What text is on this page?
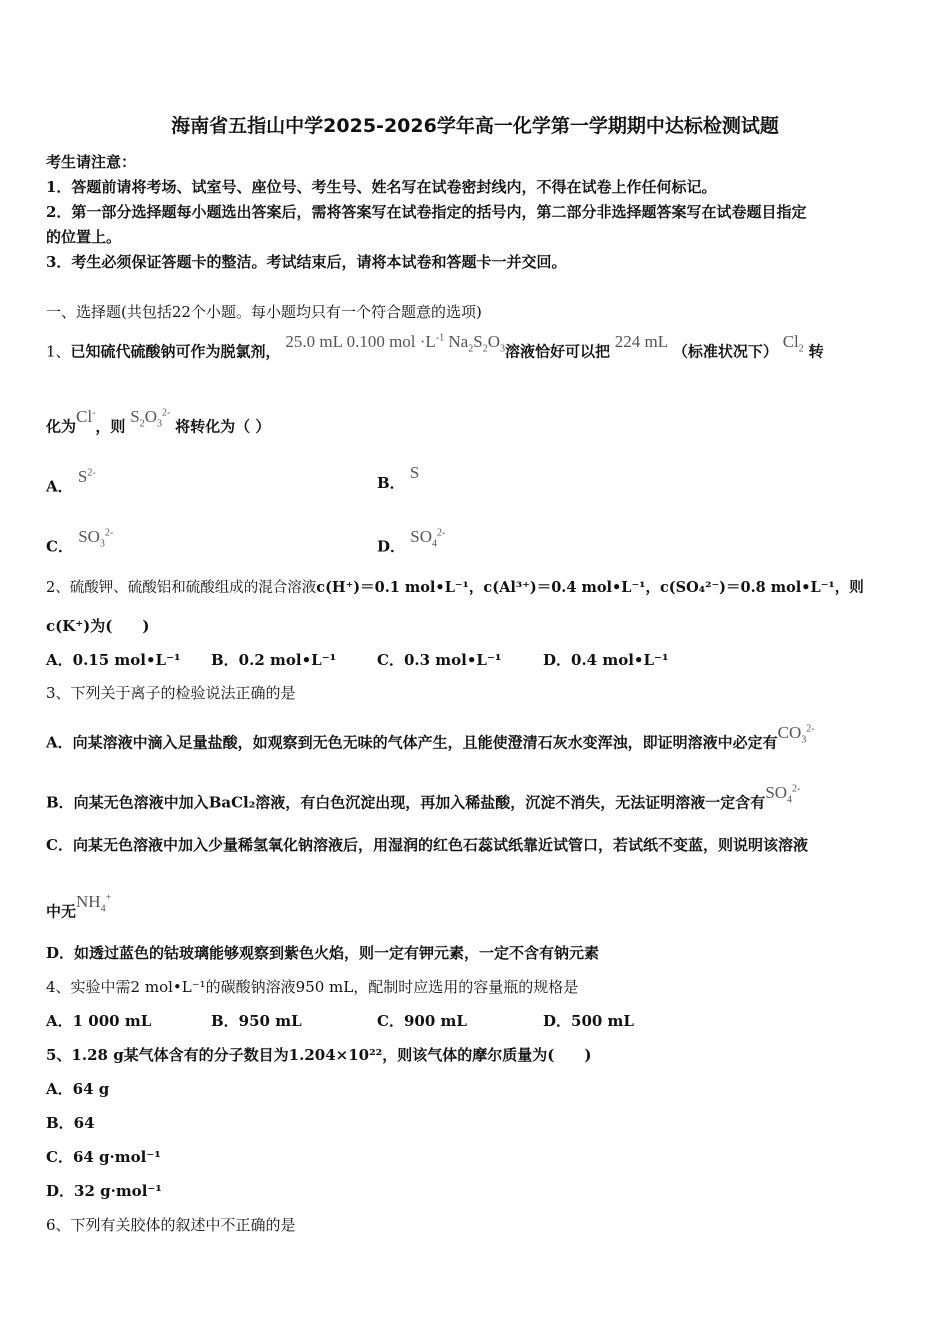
海南省五指山中学2025-2026学年高一化学第一学期期中达标检测试题
考生请注意：
1．答题前请将考场、试室号、座位号、考生号、姓名写在试卷密封线内，不得在试卷上作任何标记。
2．第一部分选择题每小题选出答案后，需将答案写在试卷指定的括号内，第二部分非选择题答案写在试卷题目指定
的位置上。
3．考生必须保证答题卡的整洁。考试结束后，请将本试卷和答题卡一并交回。
一、选择题(共包括22个小题。每小题均只有一个符合题意的选项)
1、已知硫代硫酸钠可作为脱氯剂， 25.0 mL 0.100 mol $\cdot L^{-1}$ $Na_2S_2O_3$溶液恰好可以把 224 mL （标准状况下） $Cl_2$ 转
化为Cl-，则 $S_2O_3^{2-}$ 将转化为（ ）
A． $S^{2-}$
B． S
C． $SO_3^{2-}$
D． $SO_4^{2-}$
2、硫酸钾、硫酸铝和硫酸组成的混合溶液c(H⁺)＝0.1 mol•L⁻¹，c(Al³⁺)＝0.4 mol•L⁻¹，c(SO₄²⁻)＝0.8 mol•L⁻¹，则
c(K⁺)为(　　)
A．0.15 mol•L⁻¹ B．0.2 mol•L⁻¹	C．0.3 mol•L⁻¹	D．0.4 mol•L⁻¹
3、下列关于离子的检验说法正确的是
A．向某溶液中滴入足量盐酸，如观察到无色无味的气体产生，且能使澄清石灰水变浑浊，即证明溶液中必定有$CO_3^{2-}$
B．向某无色溶液中加入BaCl₂溶液，有白色沉淀出现，再加入稀盐酸，沉淀不消失，无法证明溶液一定含有$SO_4^{2-}$
C．向某无色溶液中加入少量稀氢氧化钠溶液后，用湿润的红色石蕊试纸靠近试管口，若试纸不变蓝，则说明该溶液
中无$NH_4^+$
D．如透过蓝色的钴玻璃能够观察到紫色火焰，则一定有钾元素，一定不含有钠元素
4、实验中需2 mol•L⁻¹的碳酸钠溶液950 mL，配制时应选用的容量瓶的规格是
A．1 000 mL	B．950 mL	C．900 mL	D．500 mL
5、1.28 g某气体含有的分子数目为1.204×10²²，则该气体的摩尔质量为(　　)
A．64 g
B．64
C．64 g·mol⁻¹
D．32 g·mol⁻¹
6、下列有关胶体的叙述中不正确的是
